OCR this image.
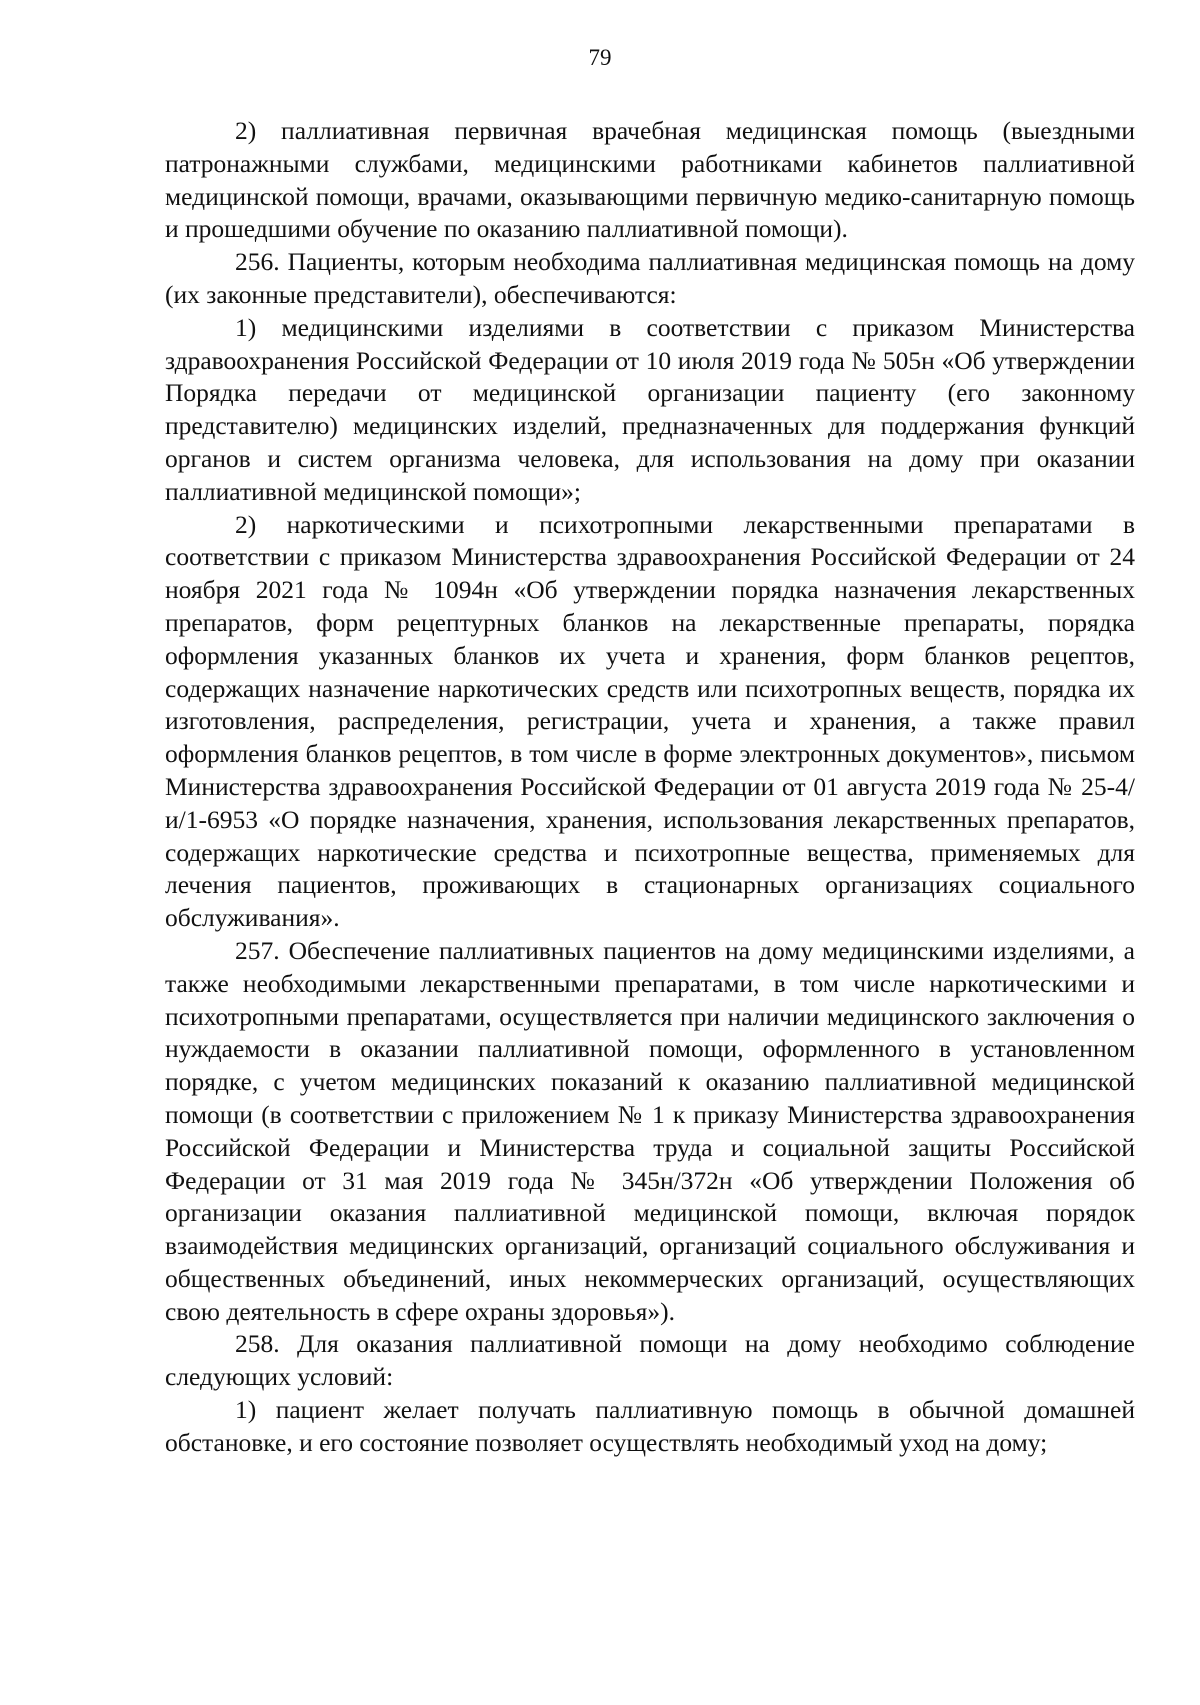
79

2) паллиативная первичная врачебная медицинская помощь (выездными патронажными службами, медицинскими работниками кабинетов паллиативной медицинской помощи, врачами, оказывающими первичную медико-санитарную помощь и прошедшими обучение по оказанию паллиативной помощи).

256. Пациенты, которым необходима паллиативная медицинская помощь на дому (их законные представители), обеспечиваются:

1) медицинскими изделиями в соответствии с приказом Министерства здравоохранения Российской Федерации от 10 июля 2019 года № 505н «Об утверждении Порядка передачи от медицинской организации пациенту (его законному представителю) медицинских изделий, предназначенных для поддержания функций органов и систем организма человека, для использования на дому при оказании паллиативной медицинской помощи»;

2) наркотическими и психотропными лекарственными препаратами в соответствии с приказом Министерства здравоохранения Российской Федерации от 24 ноября 2021 года № 1094н «Об утверждении порядка назначения лекарственных препаратов, форм рецептурных бланков на лекарственные препараты, порядка оформления указанных бланков их учета и хранения, форм бланков рецептов, содержащих назначение наркотических средств или психотропных веществ, порядка их изготовления, распределения, регистрации, учета и хранения, а также правил оформления бланков рецептов, в том числе в форме электронных документов», письмом Министерства здравоохранения Российской Федерации от 01 августа 2019 года № 25-4/и/1-6953 «О порядке назначения, хранения, использования лекарственных препаратов, содержащих наркотические средства и психотропные вещества, применяемых для лечения пациентов, проживающих в стационарных организациях социального обслуживания».

257. Обеспечение паллиативных пациентов на дому медицинскими изделиями, а также необходимыми лекарственными препаратами, в том числе наркотическими и психотропными препаратами, осуществляется при наличии медицинского заключения о нуждаемости в оказании паллиативной помощи, оформленного в установленном порядке, с учетом медицинских показаний к оказанию паллиативной медицинской помощи (в соответствии с приложением № 1 к приказу Министерства здравоохранения Российской Федерации и Министерства труда и социальной защиты Российской Федерации от 31 мая 2019 года № 345н/372н «Об утверждении Положения об организации оказания паллиативной медицинской помощи, включая порядок взаимодействия медицинских организаций, организаций социального обслуживания и общественных объединений, иных некоммерческих организаций, осуществляющих свою деятельность в сфере охраны здоровья»).

258. Для оказания паллиативной помощи на дому необходимо соблюдение следующих условий:

1) пациент желает получать паллиативную помощь в обычной домашней обстановке, и его состояние позволяет осуществлять необходимый уход на дому;
